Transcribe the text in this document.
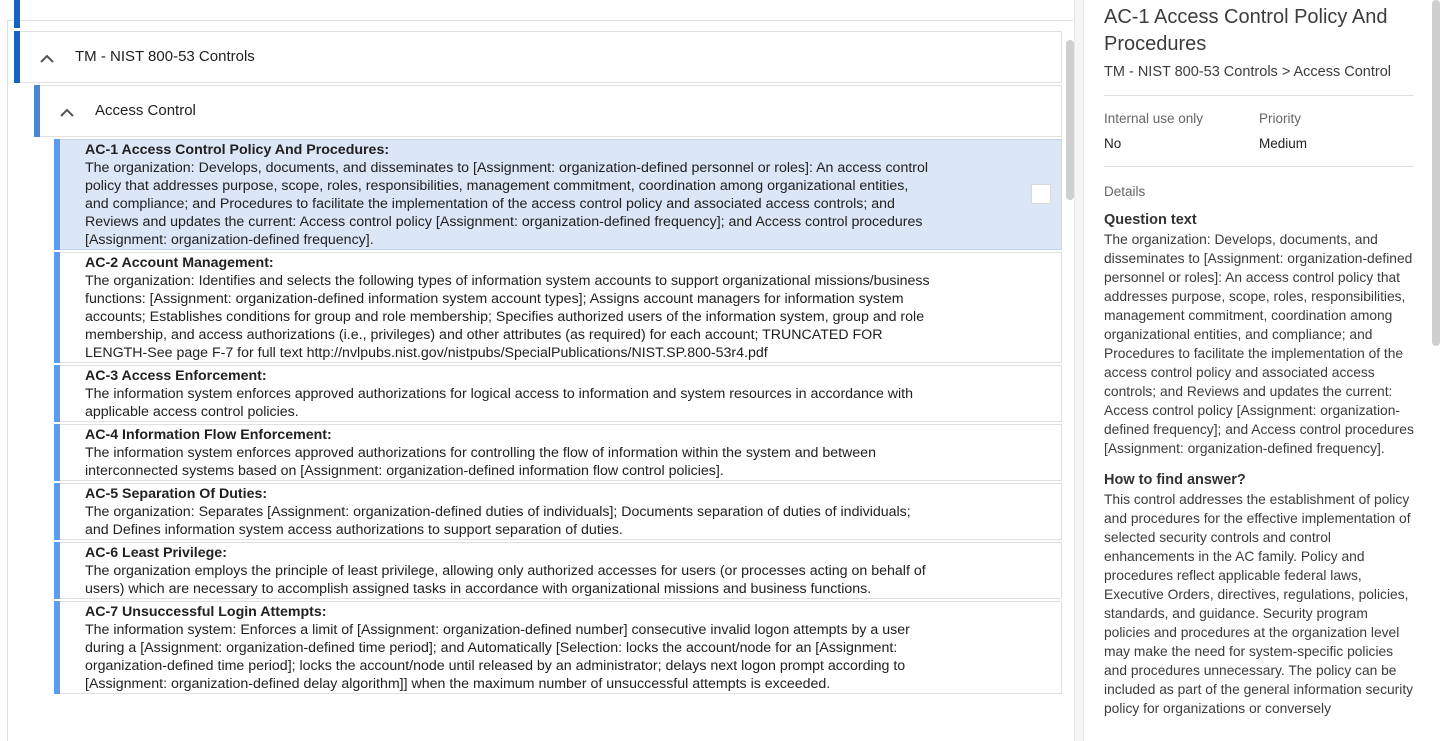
TM - NIST 800-53 Controls
Access Control
AC-1 Access Control Policy And Procedures:
The organization: Develops, documents, and disseminates to [Assignment: organization-defined personnel or roles]: An access control policy that addresses purpose, scope, roles, responsibilities, management commitment, coordination among organizational entities, and compliance; and Procedures to facilitate the implementation of the access control policy and associated access controls; and Reviews and updates the current: Access control policy [Assignment: organization-defined frequency]; and Access control procedures [Assignment: organization-defined frequency].
AC-2 Account Management:
The organization: Identifies and selects the following types of information system accounts to support organizational missions/business functions: [Assignment: organization-defined information system account types]; Assigns account managers for information system accounts; Establishes conditions for group and role membership; Specifies authorized users of the information system, group and role membership, and access authorizations (i.e., privileges) and other attributes (as required) for each account; TRUNCATED FOR LENGTH-See page F-7 for full text http://nvlpubs.nist.gov/nistpubs/SpecialPublications/NIST.SP.800-53r4.pdf
AC-3 Access Enforcement:
The information system enforces approved authorizations for logical access to information and system resources in accordance with applicable access control policies.
AC-4 Information Flow Enforcement:
The information system enforces approved authorizations for controlling the flow of information within the system and between interconnected systems based on [Assignment: organization-defined information flow control policies].
AC-5 Separation Of Duties:
The organization: Separates [Assignment: organization-defined duties of individuals]; Documents separation of duties of individuals; and Defines information system access authorizations to support separation of duties.
AC-6 Least Privilege:
The organization employs the principle of least privilege, allowing only authorized accesses for users (or processes acting on behalf of users) which are necessary to accomplish assigned tasks in accordance with organizational missions and business functions.
AC-7 Unsuccessful Login Attempts:
The information system: Enforces a limit of [Assignment: organization-defined number] consecutive invalid logon attempts by a user during a [Assignment: organization-defined time period]; and Automatically [Selection: locks the account/node for an [Assignment: organization-defined time period]; locks the account/node until released by an administrator; delays next logon prompt according to [Assignment: organization-defined delay algorithm]] when the maximum number of unsuccessful attempts is exceeded.
AC-1 Access Control Policy And Procedures
TM - NIST 800-53 Controls > Access Control
Internal use only
No
Priority
Medium
Details
Question text
The organization: Develops, documents, and disseminates to [Assignment: organization-defined personnel or roles]: An access control policy that addresses purpose, scope, roles, responsibilities, management commitment, coordination among organizational entities, and compliance; and Procedures to facilitate the implementation of the access control policy and associated access controls; and Reviews and updates the current: Access control policy [Assignment: organization-defined frequency]; and Access control procedures [Assignment: organization-defined frequency].
How to find answer?
This control addresses the establishment of policy and procedures for the effective implementation of selected security controls and control enhancements in the AC family. Policy and procedures reflect applicable federal laws, Executive Orders, directives, regulations, policies, standards, and guidance. Security program policies and procedures at the organization level may make the need for system-specific policies and procedures unnecessary. The policy can be included as part of the general information security policy for organizations or conversely
